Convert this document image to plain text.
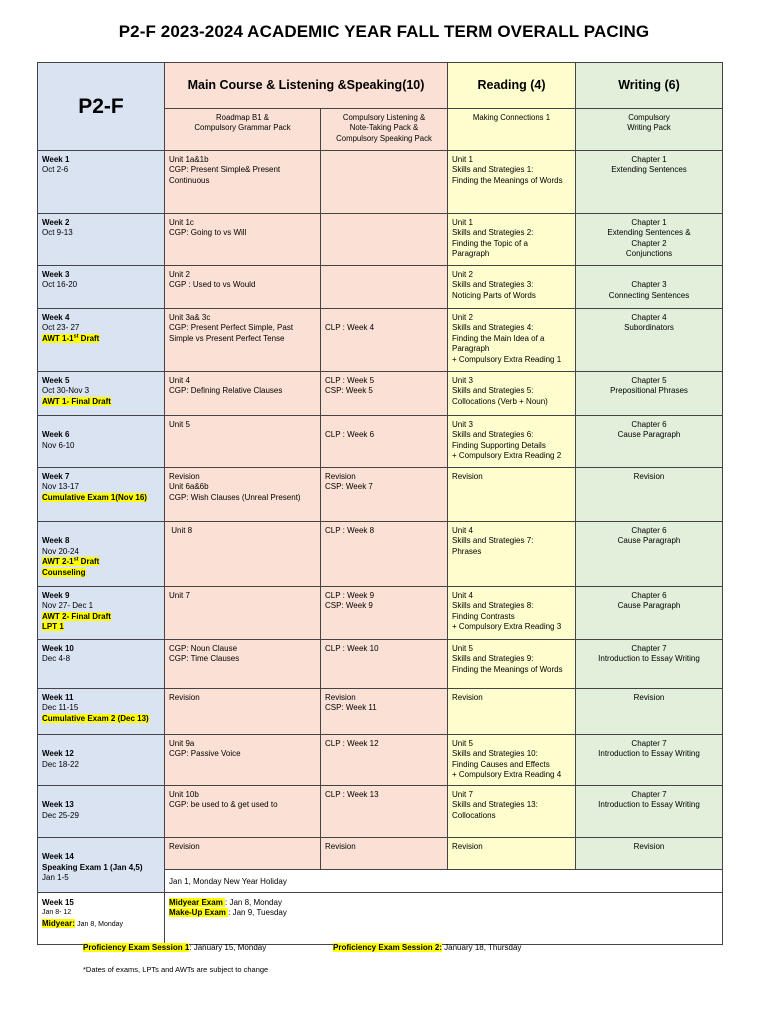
P2-F 2023-2024 ACADEMIC YEAR FALL TERM OVERALL PACING
P2-F	Main Course & Listening &Speaking(10)		Reading (4)	Writing (6)

	Roadmap B1 &
Compulsory Grammar Pack	Compulsory Listening &
Note-Taking Pack &
Compulsory Speaking Pack	Making Connections 1	Compulsory
Writing Pack

Week 1
Oct 2-6	Unit 1a&1b
CGP: Present Simple& Present
Continuous		Unit 1
Skills and Strategies 1:
Finding the Meanings of Words	Chapter 1
Extending Sentences

Week 2
Oct 9-13	Unit 1c
CGP: Going to vs Will		Unit 1
Skills and Strategies 2:
Finding the Topic of a
Paragraph	Chapter 1
Extending Sentences &
Chapter 2
Conjunctions

Week 3
Oct 16-20	Unit 2
CGP : Used to vs Would		Unit 2
Skills and Strategies 3:
Noticing Parts of Words	Chapter 3
Connecting Sentences

Week 4
Oct 23- 27
AWT 1-1st Draft	Unit 3a& 3c
CGP: Present Perfect Simple, Past
Simple vs Present Perfect Tense	CLP : Week 4	Unit 2
Skills and Strategies 4:
Finding the Main Idea of a
Paragraph
+ Compulsory Extra Reading 1	Chapter 4
Subordinators

Week 5
Oct 30-Nov 3
AWT 1- Final Draft	Unit 4
CGP: Defining Relative Clauses	CLP : Week 5
CSP: Week 5	Unit 3
Skills and Strategies 5:
Collocations (Verb + Noun)	Chapter 5
Prepositional Phrases

Week 6
Nov 6-10	Unit 5	CLP : Week 6	Unit 3
Skills and Strategies 6:
Finding Supporting Details
+ Compulsory Extra Reading 2	Chapter 6
Cause Paragraph

Week 7
Nov 13-17
Cumulative Exam 1(Nov 16)	Revision
Unit 6a&6b
CGP: Wish Clauses (Unreal Present)	Revision
CSP: Week 7	Revision	Revision

Week 8
Nov 20-24
AWT 2-1st Draft
Counseling	Unit 8	CLP : Week 8	Unit 4
Skills and Strategies 7:
Phrases	Chapter 6
Cause Paragraph

Week 9
Nov 27- Dec 1
AWT 2- Final Draft
LPT 1	Unit 7	CLP : Week 9
CSP: Week 9	Unit 4
Skills and Strategies 8:
Finding Contrasts
+ Compulsory Extra Reading 3	Chapter 6
Cause Paragraph

Week 10
Dec 4-8	CGP: Noun Clause
CGP: Time Clauses	CLP : Week 10	Unit 5
Skills and Strategies 9:
Finding the Meanings of Words	Chapter 7
Introduction to Essay Writing

Week 11
Dec 11-15
Cumulative Exam 2 (Dec 13)	Revision	Revision
CSP: Week 11	Revision	Revision

Week 12
Dec 18-22	Unit 9a
CGP: Passive Voice	CLP : Week 12	Unit 5
Skills and Strategies 10:
Finding Causes and Effects
+ Compulsory Extra Reading 4	Chapter 7
Introduction to Essay Writing

Week 13
Dec 25-29	Unit 10b
CGP: be used to & get used to	CLP : Week 13	Unit 7
Skills and Strategies 13:
Collocations	Chapter 7
Introduction to Essay Writing

Week 14
Speaking Exam 1 (Jan 4,5)
Jan 1-5	Revision	Revision	Revision	Revision

	Jan 1, Monday New Year Holiday			

Week 15
Jan 8- 12
Midyear: Jan 8, Monday	Midyear Exam : Jan 8, Monday
Make-Up Exam : Jan 9, Tuesday			
Proficiency Exam Session 1: January 15, Monday	Proficiency Exam Session 2: January 18, Thursday
*Dates of exams, LPTs and AWTs are subject to change
